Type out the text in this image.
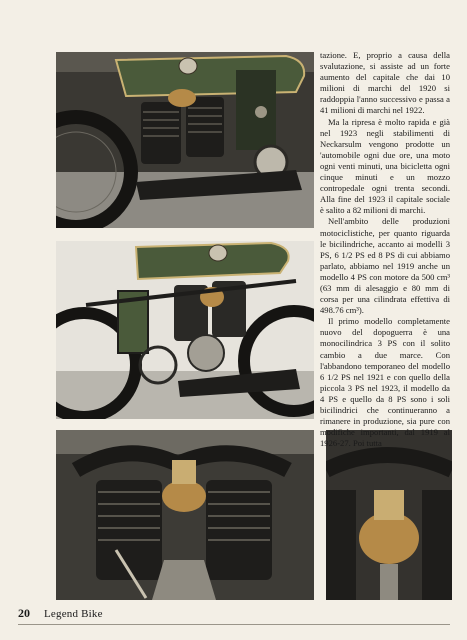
tazione. E, proprio a causa della svalutazione, si assiste ad un forte aumento del capitale che dai 10 milioni di marchi del 1920 si raddoppia l'anno successivo e passa a 41 milioni di marchi nel 1922.

Ma la ripresa è molto rapida e già nel 1923 negli stabilimenti di Neckarsulm vengono prodotte un 'automobile ogni due ore, una moto ogni venti minuti, una bicicletta ogni cinque minuti e un mozzo contropedale ogni trenta secondi. Alla fine del 1923 il capitale sociale è salito a 82 milioni di marchi.

Nell'ambito delle produzioni motociclistiche, per quanto riguarda le bicilindriche, accanto ai modelli 3 PS, 6 1/2 PS ed 8 PS di cui abbiamo parlato, abbiamo nel 1919 anche un modello 4 PS con motore da 500 cm³ (63 mm di alesaggio e 80 mm di corsa per una cilindrata effettiva di 498.76 cm³).

Il primo modello completamente nuovo del dopoguerra è una monocilindrica 3 PS con il solito cambio a due marce. Con l'abbandono temporaneo del modello 6 1/2 PS nel 1921 e con quello della piccola 3 PS nel 1923, il modello da 4 PS e quello da 8 PS sono i soli bicilindrici che continueranno a rimanere in produzione, sia pure con modifiche importanti, dal 1919 al 1926-27. Poi tutta

20 Legend Bike
